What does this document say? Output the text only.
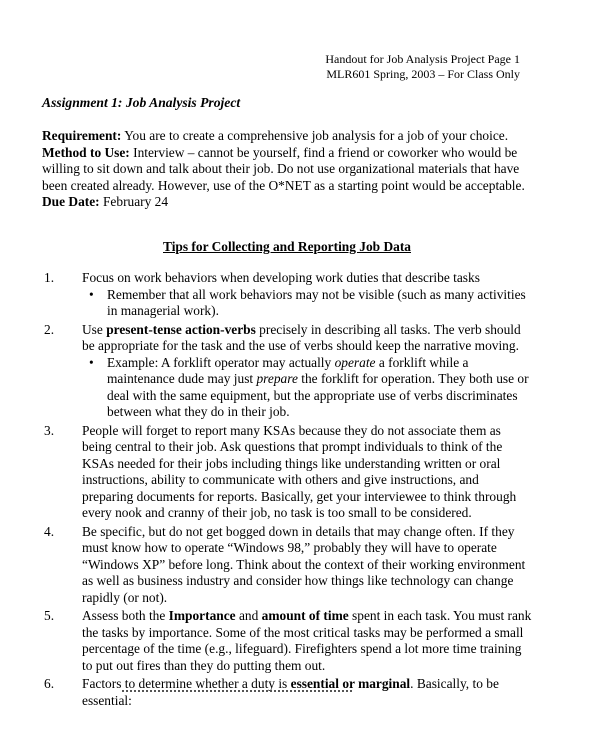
Handout for Job Analysis Project Page 1
MLR601 Spring, 2003 – For Class Only
Assignment 1: Job Analysis Project

Requirement: You are to create a comprehensive job analysis for a job of your choice.

Method to Use: Interview – cannot be yourself, find a friend or coworker who would be willing to sit down and talk about their job. Do not use organizational materials that have been created already. However, use of the O*NET as a starting point would be acceptable.

Due Date: February 24

Tips for Collecting and Reporting Job Data
1. Focus on work behaviors when developing work duties that describe tasks
• Remember that all work behaviors may not be visible (such as many activities in managerial work).
2. Use present-tense action-verbs precisely in describing all tasks. The verb should be appropriate for the task and the use of verbs should keep the narrative moving.
• Example: A forklift operator may actually operate a forklift while a maintenance dude may just prepare the forklift for operation. They both use or deal with the same equipment, but the appropriate use of verbs discriminates between what they do in their job.
3. People will forget to report many KSAs because they do not associate them as being central to their job. Ask questions that prompt individuals to think of the KSAs needed for their jobs including things like understanding written or oral instructions, ability to communicate with others and give instructions, and preparing documents for reports. Basically, get your interviewee to think through every nook and cranny of their job, no task is too small to be considered.
4. Be specific, but do not get bogged down in details that may change often. If they must know how to operate “Windows 98,” probably they will have to operate “Windows XP” before long. Think about the context of their working environment as well as business industry and consider how things like technology can change rapidly (or not).
5. Assess both the Importance and amount of time spent in each task. You must rank the tasks by importance. Some of the most critical tasks may be performed a small percentage of the time (e.g., lifeguard). Firefighters spend a lot more time training to put out fires than they do putting them out.
6. Factors to determine whether a duty is essential or marginal. Basically, to be essential:
